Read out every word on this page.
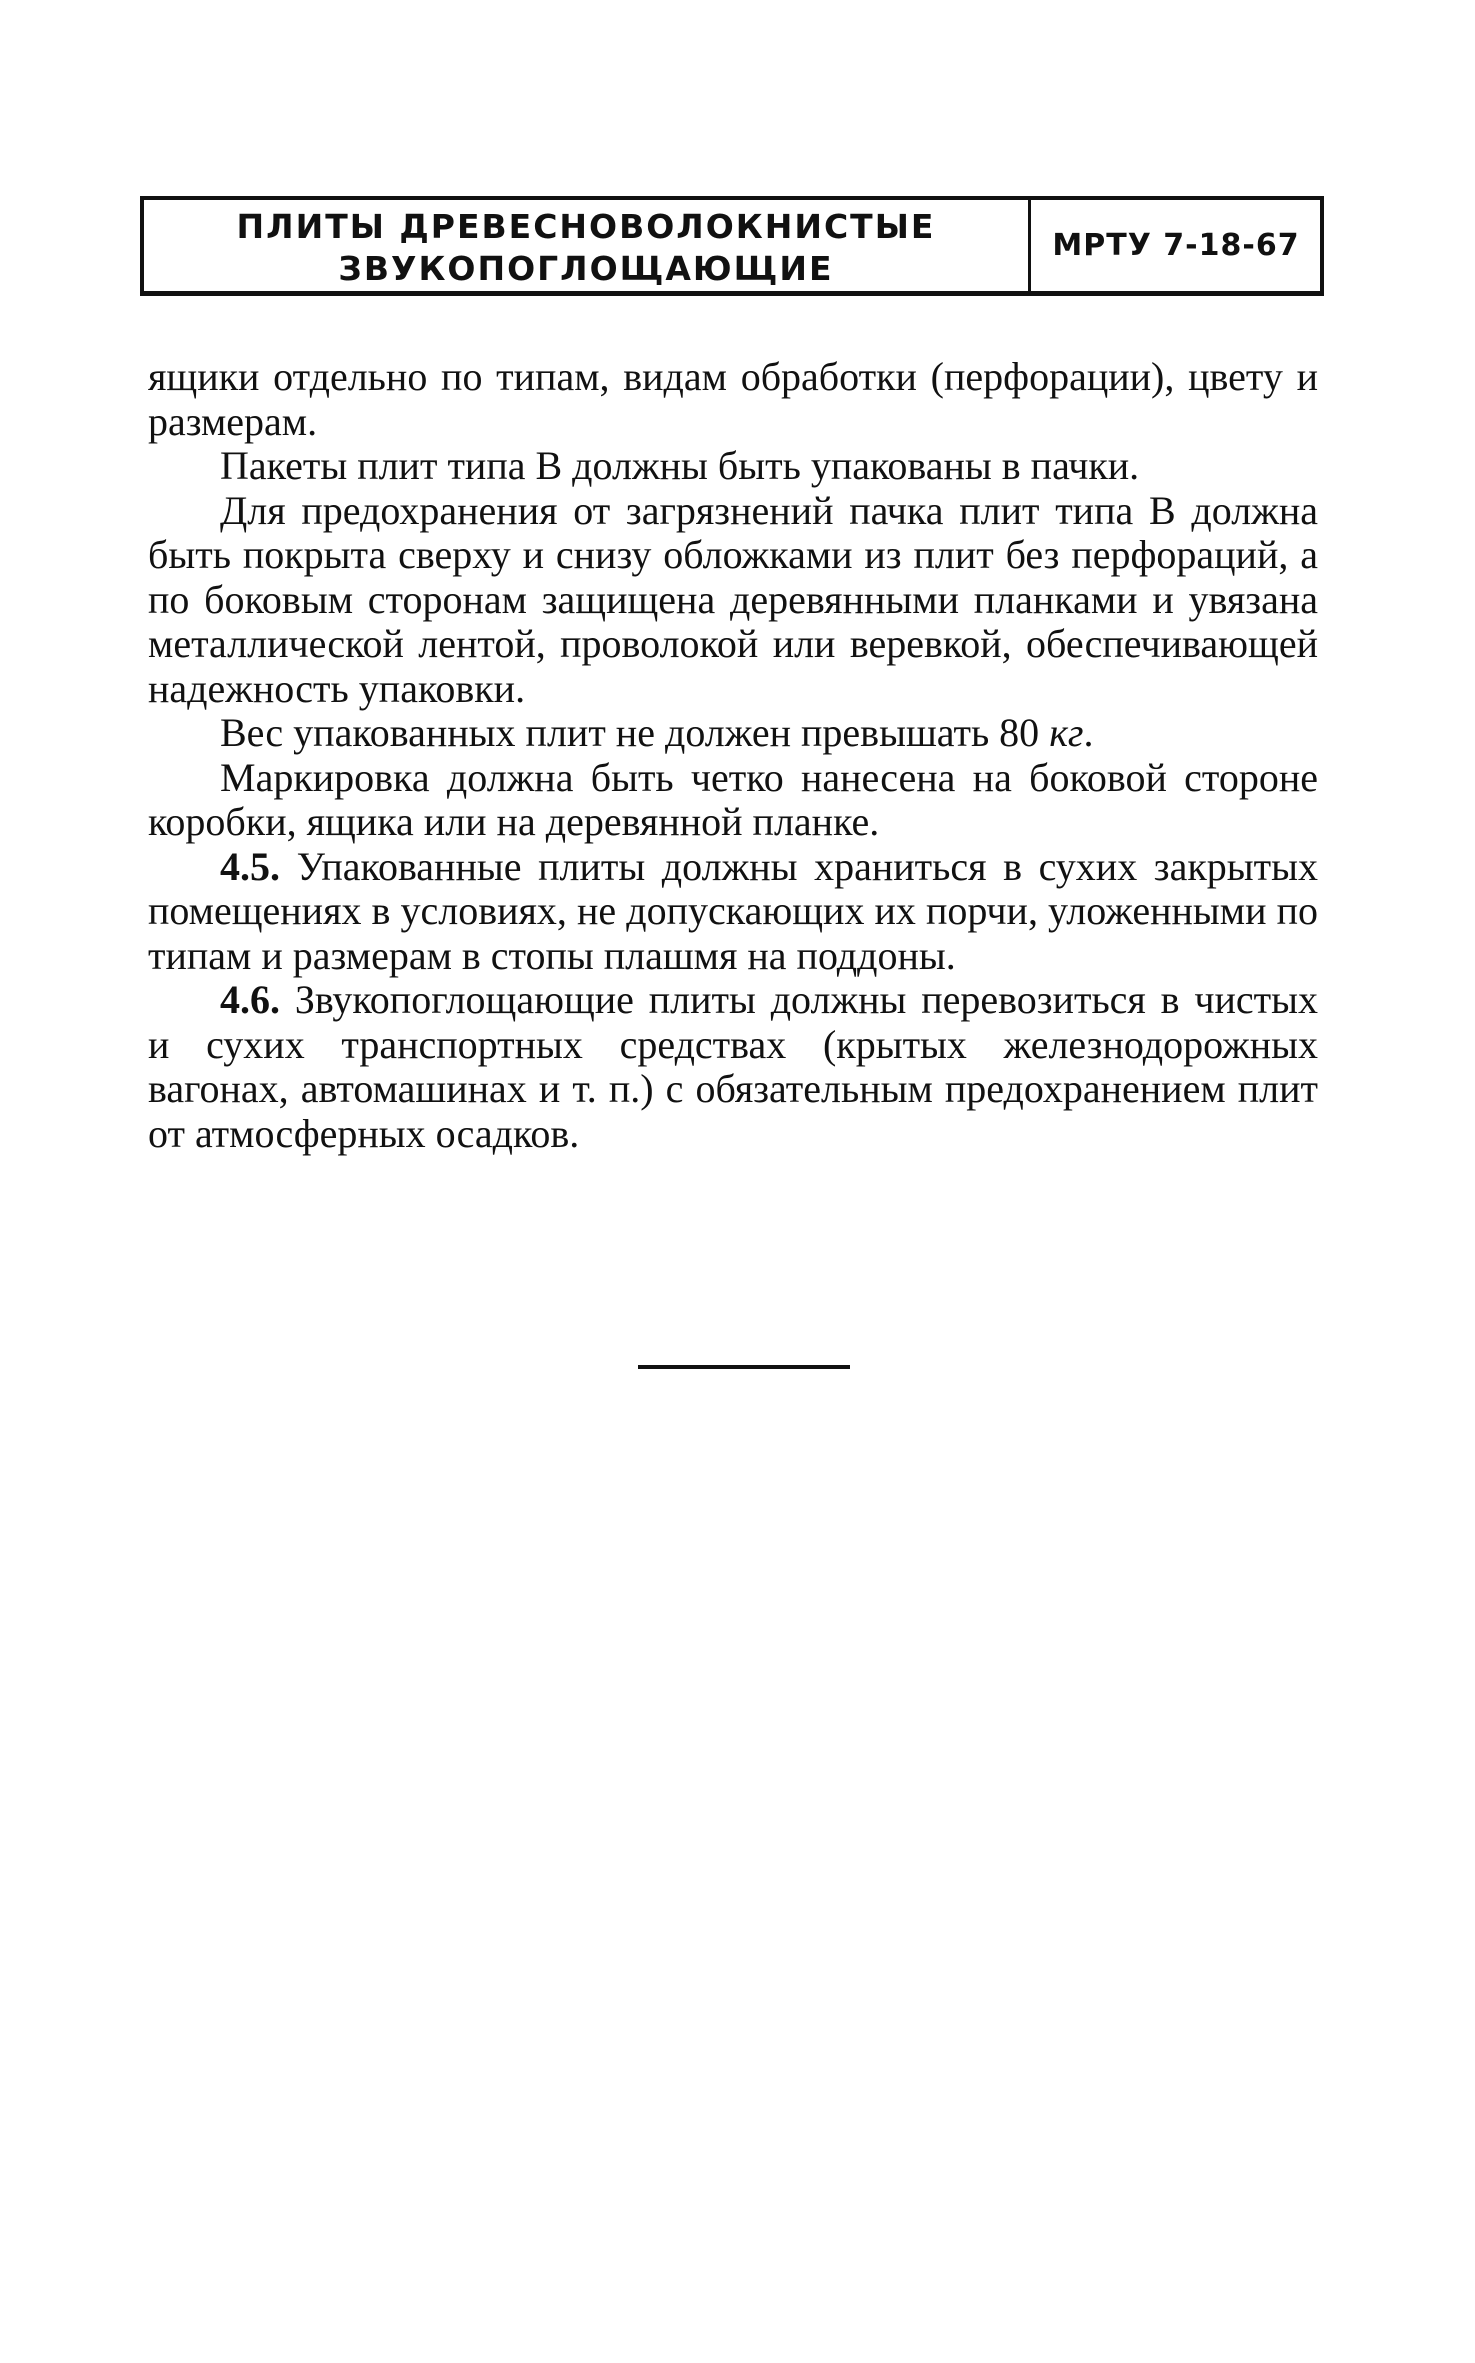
ПЛИТЫ ДРЕВЕСНОВОЛОКНИСТЫЕ
ЗВУКОПОГЛОЩАЮЩИЕ
МРТУ 7-18-67

ящики отдельно по типам, видам обработки (перфорации), цвету и размерам.

Пакеты плит типа В должны быть упакованы в пачки.

Для предохранения от загрязнений пачка плит типа В должна быть покрыта сверху и снизу обложками из плит без перфораций, а по боковым сторонам защищена деревянными планками и увязана металлической лентой, проволокой или веревкой, обеспечивающей надежность упаковки.

Вес упакованных плит не должен превышать 80 кг.

Маркировка должна быть четко нанесена на боковой стороне коробки, ящика или на деревянной планке.

4.5. Упакованные плиты должны храниться в сухих закрытых помещениях в условиях, не допускающих их порчи, уложенными по типам и размерам в стопы плашмя на поддоны.

4.6. Звукопоглощающие плиты должны перевозиться в чистых и сухих транспортных средствах (крытых железнодорожных вагонах, автомашинах и т. п.) с обязательным предохранением плит от атмосферных осадков.
